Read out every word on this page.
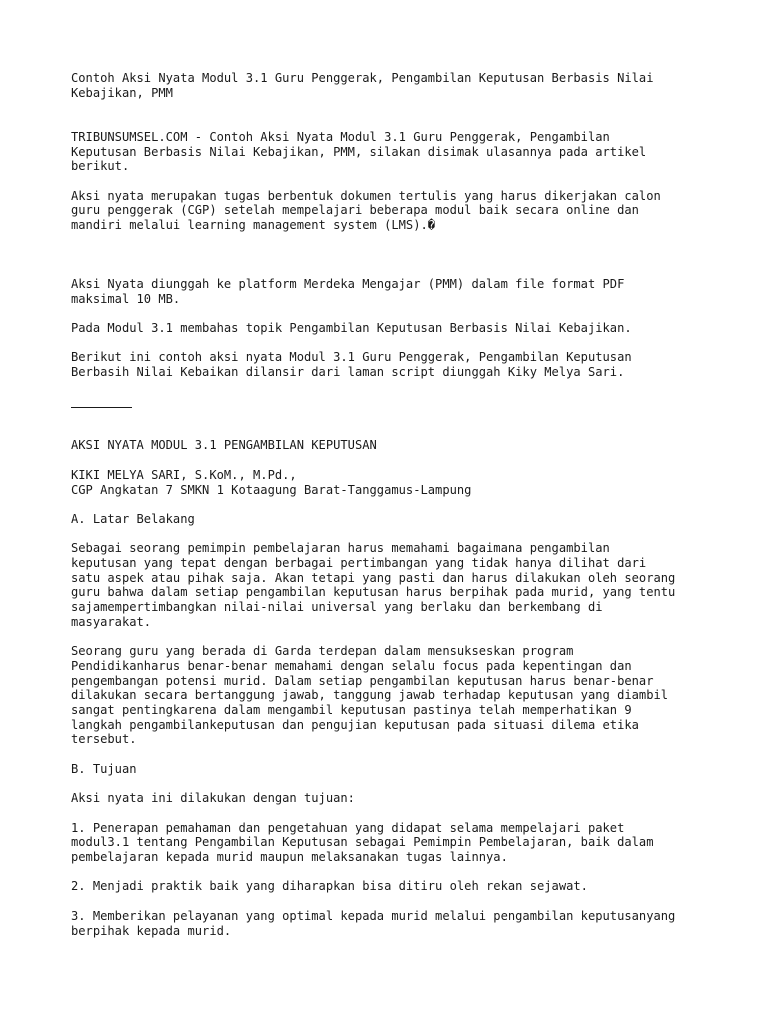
Contoh Aksi Nyata Modul 3.1 Guru Penggerak, Pengambilan Keputusan Berbasis Nilai
Kebajikan, PMM

TRIBUNSUMSEL.COM - Contoh Aksi Nyata Modul 3.1 Guru Penggerak, Pengambilan
Keputusan Berbasis Nilai Kebajikan, PMM, silakan disimak ulasannya pada artikel
berikut.

Aksi nyata merupakan tugas berbentuk dokumen tertulis yang harus dikerjakan calon
guru penggerak (CGP) setelah mempelajari beberapa modul baik secara online dan
mandiri melalui learning management system (LMS).�

Aksi Nyata diunggah ke platform Merdeka Mengajar (PMM) dalam file format PDF
maksimal 10 MB.

Pada Modul 3.1 membahas topik Pengambilan Keputusan Berbasis Nilai Kebajikan.

Berikut ini contoh aksi nyata Modul 3.1 Guru Penggerak, Pengambilan Keputusan
Berbasih Nilai Kebaikan dilansir dari laman script diunggah Kiky Melya Sari.

AKSI NYATA MODUL 3.1 PENGAMBILAN KEPUTUSAN

KIKI MELYA SARI, S.KoM., M.Pd.,
CGP Angkatan 7 SMKN 1 Kotaagung Barat-Tanggamus-Lampung

A. Latar Belakang

Sebagai seorang pemimpin pembelajaran harus memahami bagaimana pengambilan
keputusan yang tepat dengan berbagai pertimbangan yang tidak hanya dilihat dari
satu aspek atau pihak saja. Akan tetapi yang pasti dan harus dilakukan oleh seorang
guru bahwa dalam setiap pengambilan keputusan harus berpihak pada murid, yang tentu
sajamempertimbangkan nilai-nilai universal yang berlaku dan berkembang di
masyarakat.

Seorang guru yang berada di Garda terdepan dalam mensukseskan program
Pendidikanharus benar-benar memahami dengan selalu focus pada kepentingan dan
pengembangan potensi murid. Dalam setiap pengambilan keputusan harus benar-benar
dilakukan secara bertanggung jawab, tanggung jawab terhadap keputusan yang diambil
sangat pentingkarena dalam mengambil keputusan pastinya telah memperhatikan 9
langkah pengambilankeputusan dan pengujian keputusan pada situasi dilema etika
tersebut.

B. Tujuan

Aksi nyata ini dilakukan dengan tujuan:

1. Penerapan pemahaman dan pengetahuan yang didapat selama mempelajari paket
modul3.1 tentang Pengambilan Keputusan sebagai Pemimpin Pembelajaran, baik dalam
pembelajaran kepada murid maupun melaksanakan tugas lainnya.

2. Menjadi praktik baik yang diharapkan bisa ditiru oleh rekan sejawat.

3. Memberikan pelayanan yang optimal kepada murid melalui pengambilan keputusanyang
berpihak kepada murid.
